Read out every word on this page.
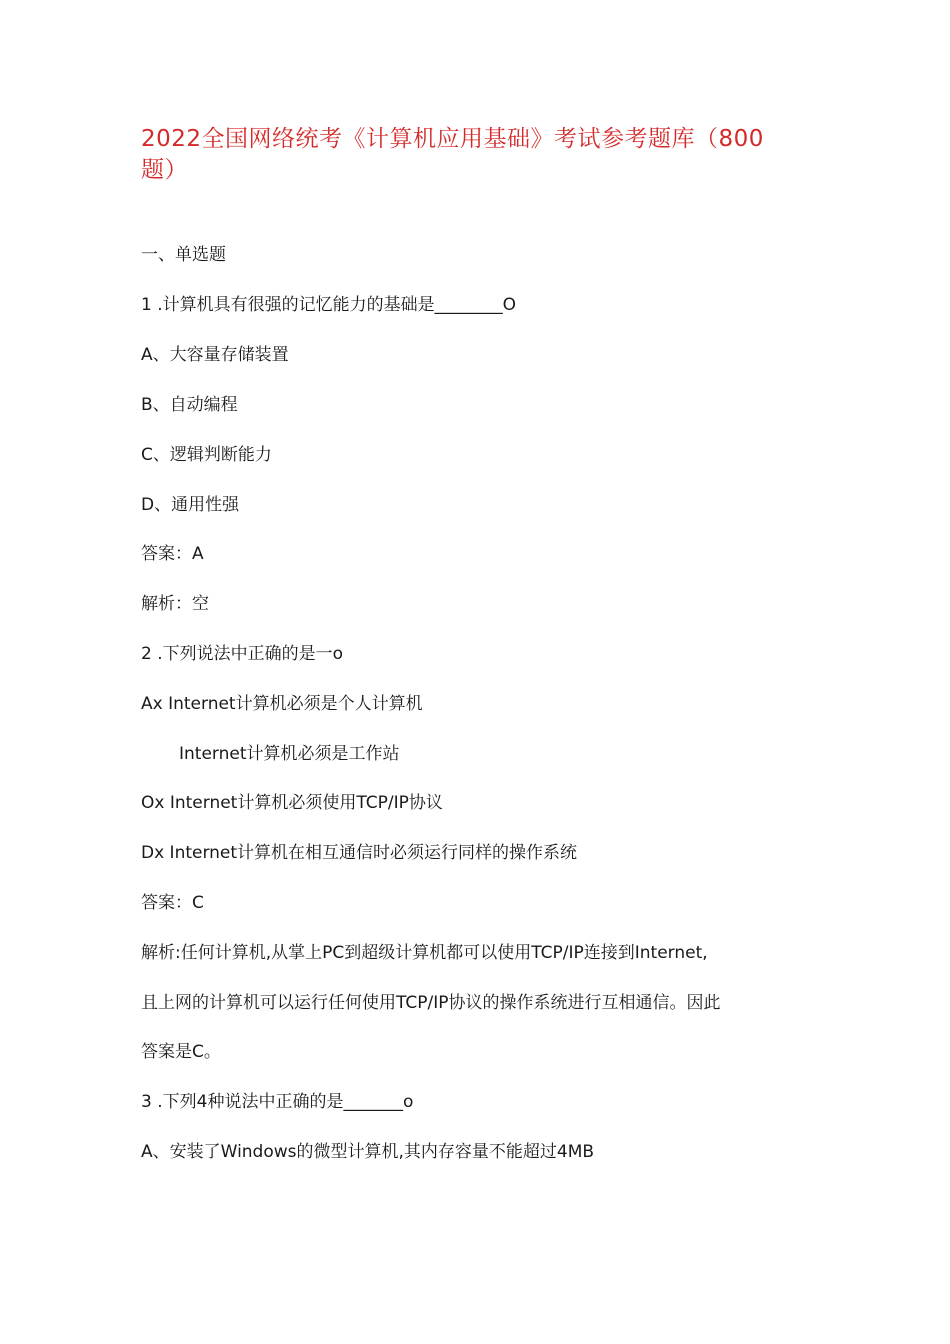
2022全国网络统考《计算机应用基础》考试参考题库（800题）
一、单选题
1 .计算机具有很强的记忆能力的基础是________O
A、大容量存储装置
B、自动编程
C、逻辑判断能力
D、通用性强
答案：A
解析：空
2 .下列说法中正确的是一o
Ax Internet计算机必须是个人计算机
Internet计算机必须是工作站
Ox Internet计算机必须使用TCP/IP协议
Dx Internet计算机在相互通信时必须运行同样的操作系统
答案：C
解析:任何计算机,从掌上PC到超级计算机都可以使用TCP/IP连接到Internet,
且上网的计算机可以运行任何使用TCP/IP协议的操作系统进行互相通信。因此
答案是C。
3 .下列4种说法中正确的是_______o
A、安装了Windows的微型计算机,其内存容量不能超过4MB
